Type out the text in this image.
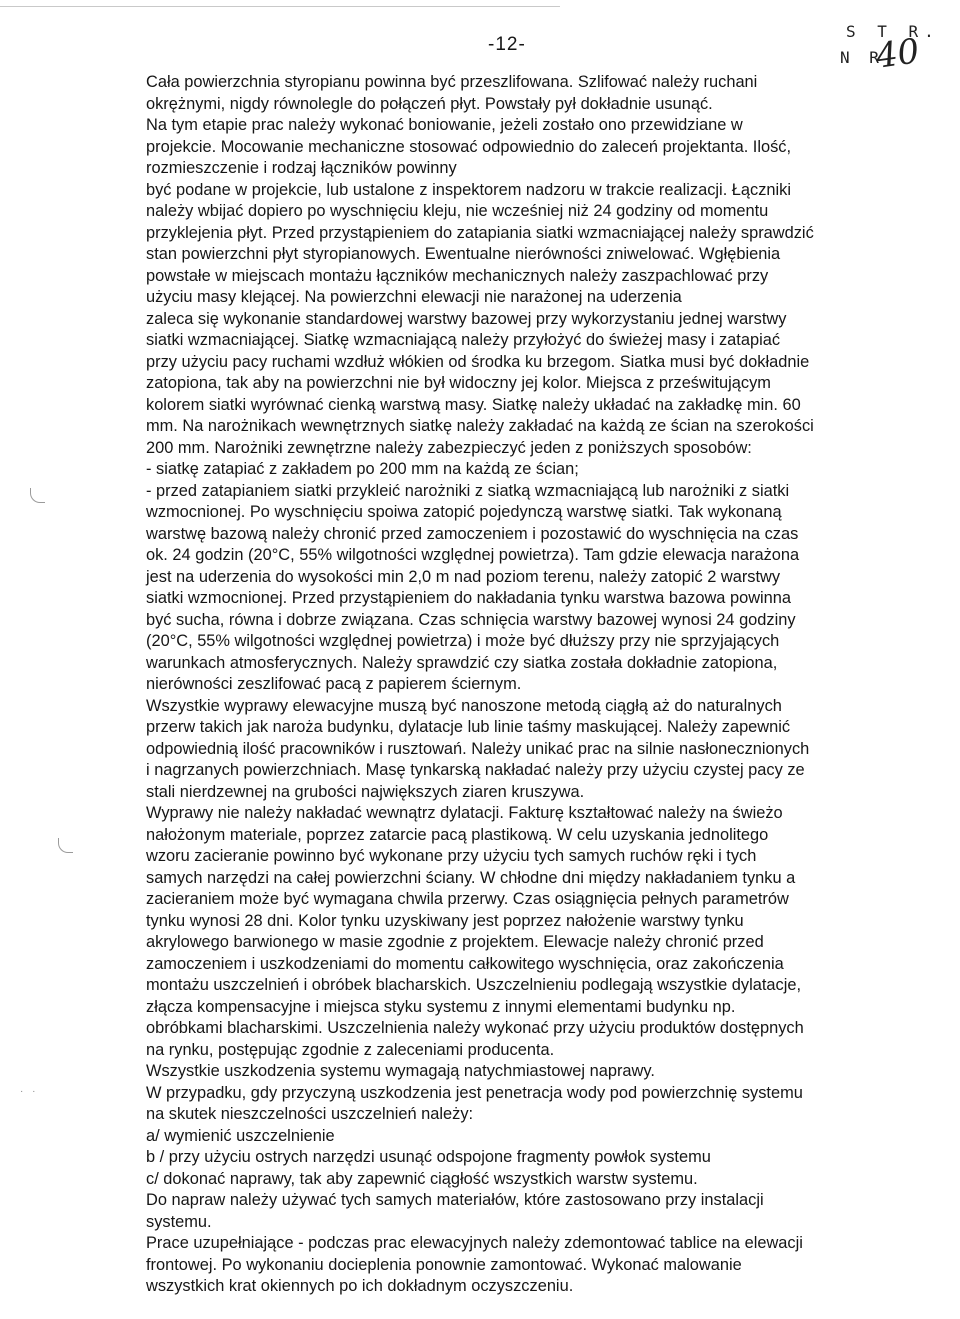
-12-
S T R.
N R
40
· ·
Cała powierzchnia styropianu powinna być przeszlifowana. Szlifować należy ruchani
okrężnymi, nigdy równolegle do połączeń płyt. Powstały pył dokładnie usunąć.
Na tym etapie prac należy wykonać boniowanie, jeżeli zostało ono przewidziane w
projekcie. Mocowanie mechaniczne stosować odpowiednio do zaleceń projektanta. Ilość,
rozmieszczenie i rodzaj łączników powinny
być podane w projekcie, lub ustalone z inspektorem nadzoru w trakcie realizacji. Łączniki
należy wbijać dopiero po wyschnięciu kleju, nie wcześniej niż 24 godziny od momentu
przyklejenia płyt. Przed przystąpieniem do zatapiania siatki wzmacniającej należy sprawdzić
stan powierzchni płyt styropianowych. Ewentualne nierówności zniwelować. Wgłębienia
powstałe w miejscach montażu łączników mechanicznych należy zaszpachlować przy
użyciu masy klejącej. Na powierzchni elewacji nie narażonej na uderzenia
zaleca się wykonanie standardowej warstwy bazowej przy wykorzystaniu jednej warstwy
siatki wzmacniającej. Siatkę wzmacniającą należy przyłożyć do świeżej masy i zatapiać
przy użyciu pacy ruchami wzdłuż włókien od środka ku brzegom. Siatka musi być dokładnie
zatopiona, tak aby na powierzchni nie był widoczny jej kolor. Miejsca z prześwitującym
kolorem siatki wyrównać cienką warstwą masy. Siatkę należy układać na zakładkę min. 60
mm. Na narożnikach wewnętrznych siatkę należy zakładać na każdą ze ścian na szerokości
200 mm. Narożniki zewnętrzne należy zabezpieczyć jeden z poniższych sposobów:
- siatkę zatapiać z zakładem po 200 mm na każdą ze ścian;
- przed zatapianiem siatki przykleić narożniki z siatką wzmacniającą lub narożniki z siatki
wzmocnionej. Po wyschnięciu spoiwa zatopić pojedynczą warstwę siatki. Tak wykonaną
warstwę bazową należy chronić przed zamoczeniem i pozostawić do wyschnięcia na czas
ok. 24 godzin (20°C, 55% wilgotności względnej powietrza). Tam gdzie elewacja narażona
jest na uderzenia do wysokości min 2,0 m nad poziom terenu, należy zatopić 2 warstwy
siatki wzmocnionej. Przed przystąpieniem do nakładania tynku warstwa bazowa powinna
być sucha, równa i dobrze związana. Czas schnięcia warstwy bazowej wynosi 24 godziny
(20°C, 55% wilgotności względnej powietrza) i może być dłuższy przy nie sprzyjających
warunkach atmosferycznych. Należy sprawdzić czy siatka została dokładnie zatopiona,
nierówności zeszlifować pacą z papierem ściernym.
Wszystkie wyprawy elewacyjne muszą być nanoszone metodą ciągłą aż do naturalnych
przerw takich jak naroża budynku, dylatacje lub linie taśmy maskującej. Należy zapewnić
odpowiednią ilość pracowników i rusztowań. Należy unikać prac na silnie nasłonecznionych
i nagrzanych powierzchniach. Masę tynkarską nakładać należy przy użyciu czystej pacy ze
stali nierdzewnej na grubości największych ziaren kruszywa.
Wyprawy nie należy nakładać wewnątrz dylatacji. Fakturę kształtować należy na świeżo
nałożonym materiale, poprzez zatarcie pacą plastikową. W celu uzyskania jednolitego
wzoru zacieranie powinno być wykonane przy użyciu tych samych ruchów ręki i tych
samych narzędzi na całej powierzchni ściany. W chłodne dni między nakładaniem tynku a
zacieraniem może być wymagana chwila przerwy. Czas osiągnięcia pełnych parametrów
tynku wynosi 28 dni. Kolor tynku uzyskiwany jest poprzez nałożenie warstwy tynku
akrylowego barwionego w masie zgodnie z projektem. Elewacje należy chronić przed
zamoczeniem i uszkodzeniami do momentu całkowitego wyschnięcia, oraz zakończenia
montażu uszczelnień i obróbek blacharskich. Uszczelnieniu podlegają wszystkie dylatacje,
złącza kompensacyjne i miejsca styku systemu z innymi elementami budynku np.
obróbkami blacharskimi. Uszczelnienia należy wykonać przy użyciu produktów dostępnych
na rynku, postępując zgodnie z zaleceniami producenta.
Wszystkie uszkodzenia systemu wymagają natychmiastowej naprawy.
W przypadku, gdy przyczyną uszkodzenia jest penetracja wody pod powierzchnię systemu
na skutek nieszczelności uszczelnień należy:
a/ wymienić uszczelnienie
b / przy użyciu ostrych narzędzi usunąć odspojone fragmenty powłok systemu
c/ dokonać naprawy, tak aby zapewnić ciągłość wszystkich warstw systemu.
Do napraw należy używać tych samych materiałów, które zastosowano przy instalacji
systemu.
Prace uzupełniające - podczas prac elewacyjnych należy zdemontować tablice na elewacji
frontowej. Po wykonaniu docieplenia ponownie zamontować. Wykonać malowanie
wszystkich krat okiennych po ich dokładnym oczyszczeniu.
